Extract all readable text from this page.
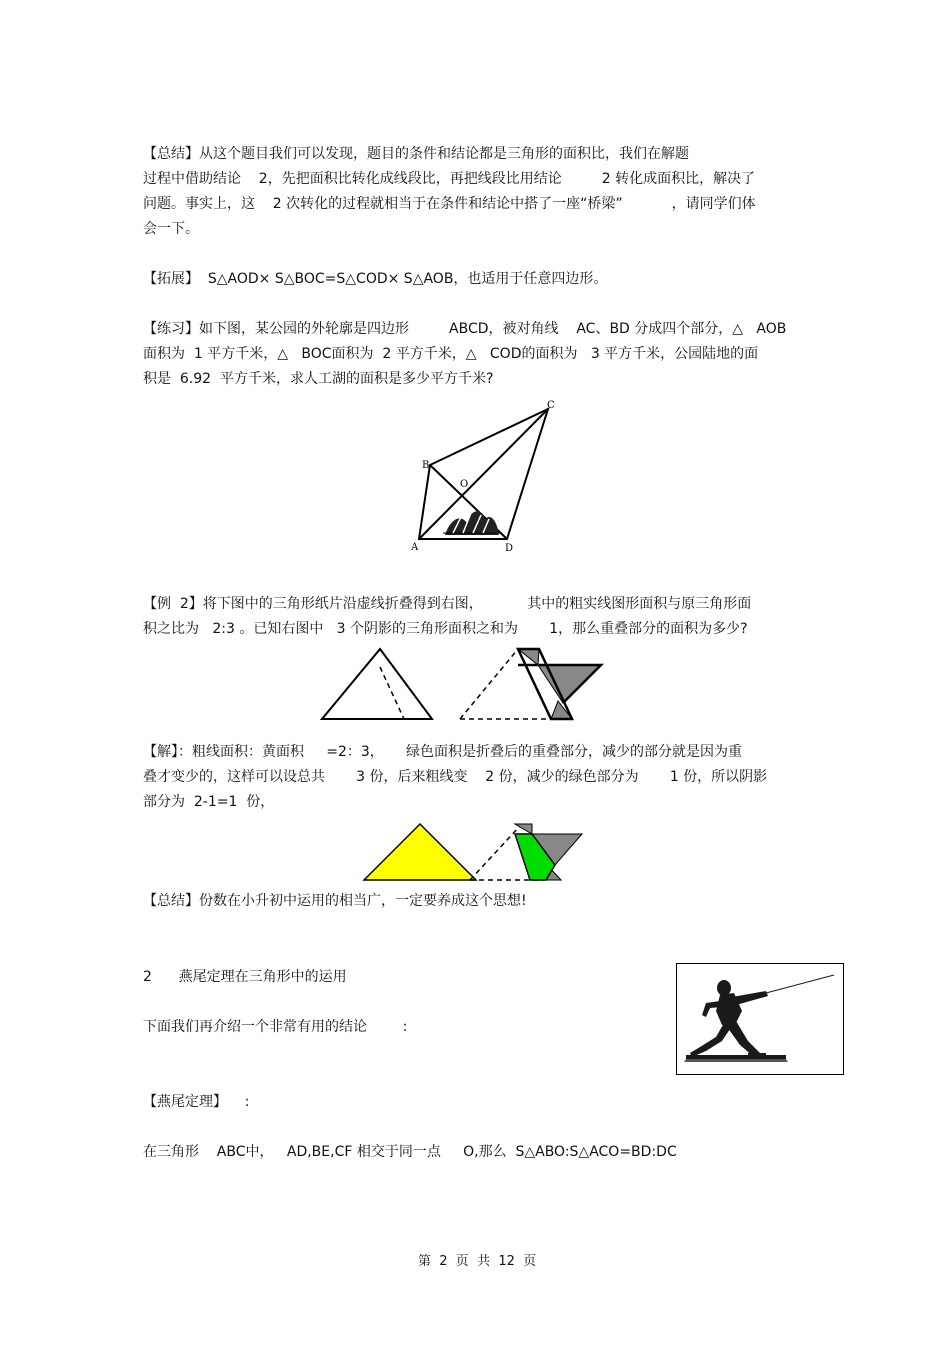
【总结】从这个题目我们可以发现，题目的条件和结论都是三角形的面积比，我们在解题
过程中借助结论    2，先把面积比转化成线段比，再把线段比用结论         2 转化成面积比，解决了
问题。事实上，这    2 次转化的过程就相当于在条件和结论中搭了一座“桥梁”           ，请同学们体
会一下。
【拓展】  S△AOD× S△BOC=S△COD× S△AOB，也适用于任意四边形。
【练习】如下图，某公园的外轮廓是四边形         ABCD，被对角线    AC、BD 分成四个部分，△   AOB
面积为  1 平方千米，△   BOC面积为  2 平方千米，△   COD的面积为   3 平方千米，公园陆地的面
积是  6.92  平方千米，求人工湖的面积是多少平方千米?
B
A
C
D
O
【例  2】将下图中的三角形纸片沿虚线折叠得到右图，          其中的粗实线图形面积与原三角形面
积之比为   2:3 。已知右图中   3 个阴影的三角形面积之和为       1，那么重叠部分的面积为多少?
【解】：粗线面积：黄面积     =2：3，     绿色面积是折叠后的重叠部分，减少的部分就是因为重
叠才变少的，这样可以设总共       3 份，后来粗线变    2 份，减少的绿色部分为       1 份，所以阴影
部分为  2-1=1  份，
【总结】份数在小升初中运用的相当广，一定要养成这个思想!
2      燕尾定理在三角形中的运用
下面我们再介绍一个非常有用的结论        :
【燕尾定理】    :
在三角形    ABC中，   AD,BE,CF 相交于同一点     O,那么  S△ABO:S△ACO=BD:DC
第  2  页  共  12  页
